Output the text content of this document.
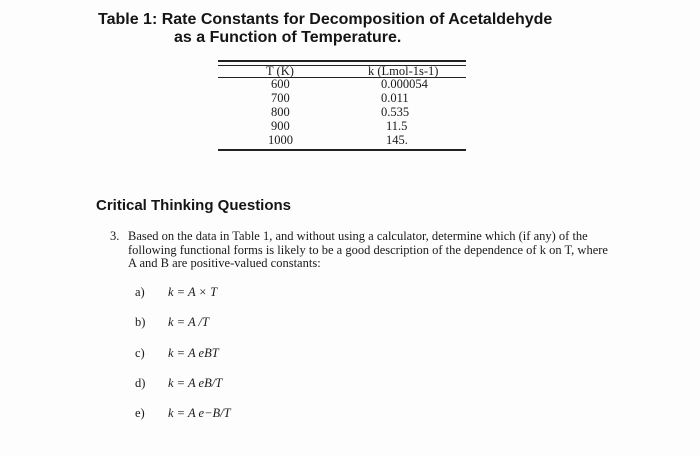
Table 1: Rate Constants for Decomposition of Acetaldehyde
as a Function of Temperature.
T (K)	k (Lmol-1s-1)
600	0.000054
700	0.011
800	0.535
900	11.5
1000	145.
Critical Thinking Questions
3. Based on the data in Table 1, and without using a calculator, determine which (if any) of the following functional forms is likely to be a good description of the dependence of k on T, where A and B are positive-valued constants:
a) k = A × T
b) k = A /T
c) k = A eBT
d) k = A eB/T
e) k = A e−B/T
